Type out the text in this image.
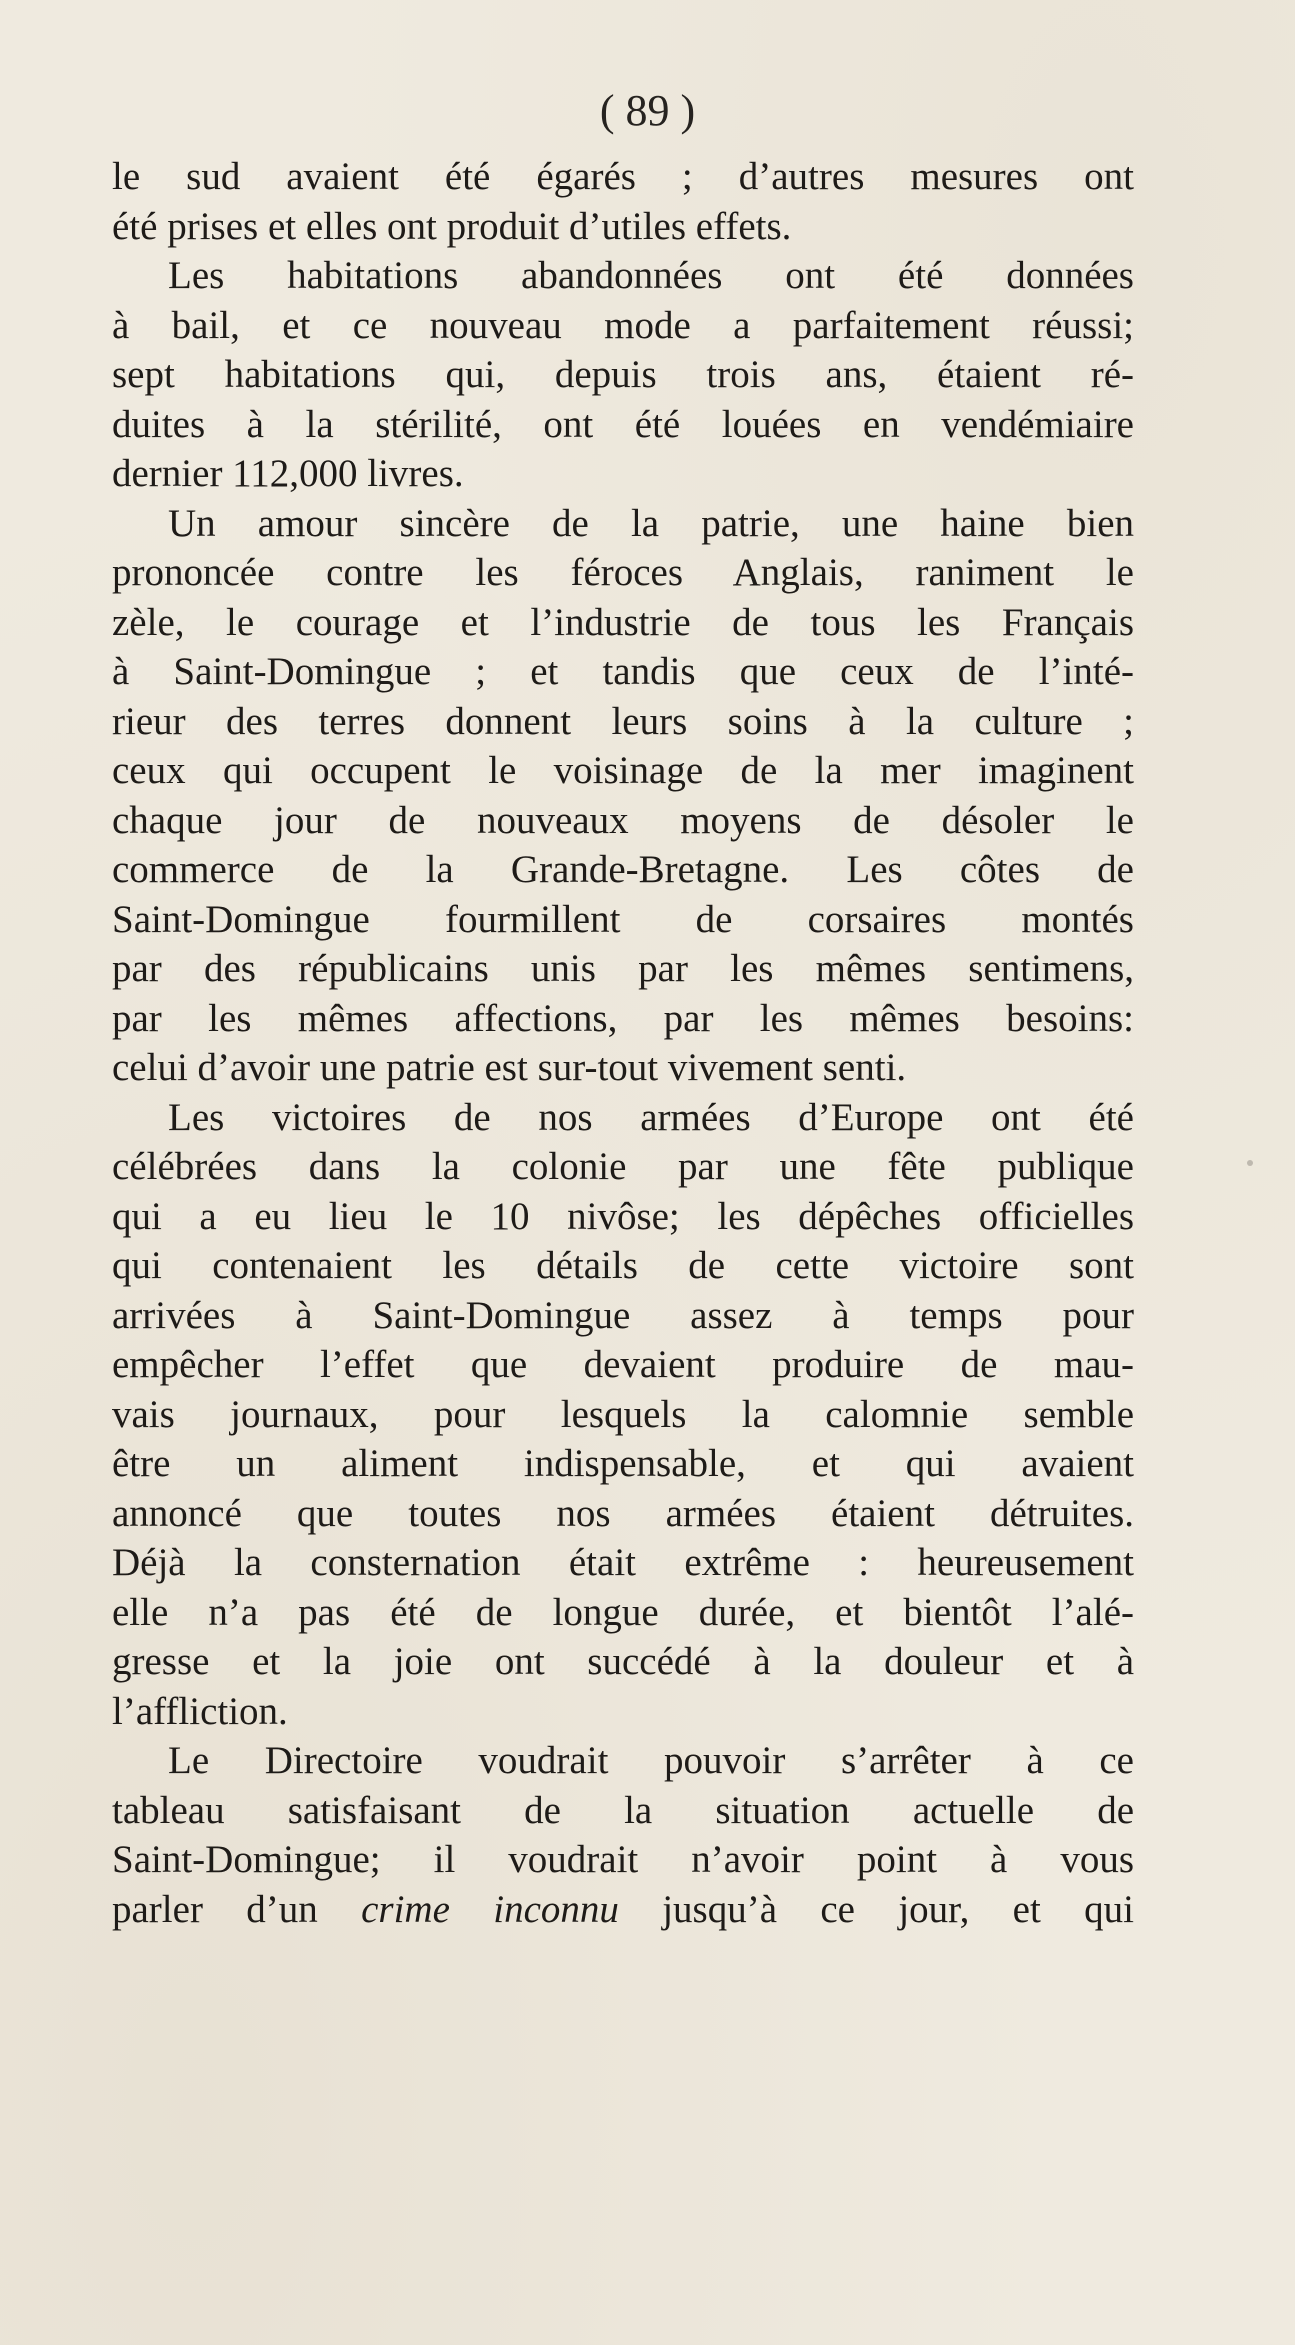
( 89 )
le sud avaient été égarés ; d’autres mesures ont
été prises et elles ont produit d’utiles effets.
Les habitations abandonnées ont été données
à bail, et ce nouveau mode a parfaitement réussi;
sept habitations qui, depuis trois ans, étaient ré-
duites à la stérilité, ont été louées en vendémiaire
dernier 112,000 livres.
Un amour sincère de la patrie, une haine bien
prononcée contre les féroces Anglais, raniment le
zèle, le courage et l’industrie de tous les Français
à Saint-Domingue ; et tandis que ceux de l’inté-
rieur des terres donnent leurs soins à la culture ;
ceux qui occupent le voisinage de la mer imaginent
chaque jour de nouveaux moyens de désoler le
commerce de la Grande-Bretagne. Les côtes de
Saint-Domingue fourmillent de corsaires montés
par des républicains unis par les mêmes sentimens,
par les mêmes affections, par les mêmes besoins:
celui d’avoir une patrie est sur-tout vivement senti.
Les victoires de nos armées d’Europe ont été
célébrées dans la colonie par une fête publique
qui a eu lieu le 10 nivôse; les dépêches officielles
qui contenaient les détails de cette victoire sont
arrivées à Saint-Domingue assez à temps pour
empêcher l’effet que devaient produire de mau-
vais journaux, pour lesquels la calomnie semble
être un aliment indispensable, et qui avaient
annoncé que toutes nos armées étaient détruites.
Déjà la consternation était extrême : heureusement
elle n’a pas été de longue durée, et bientôt l’alé-
gresse et la joie ont succédé à la douleur et à
l’affliction.
Le Directoire voudrait pouvoir s’arrêter à ce
tableau satisfaisant de la situation actuelle de
Saint-Domingue; il voudrait n’avoir point à vous
parler d’un crime inconnu jusqu’à ce jour, et qui
